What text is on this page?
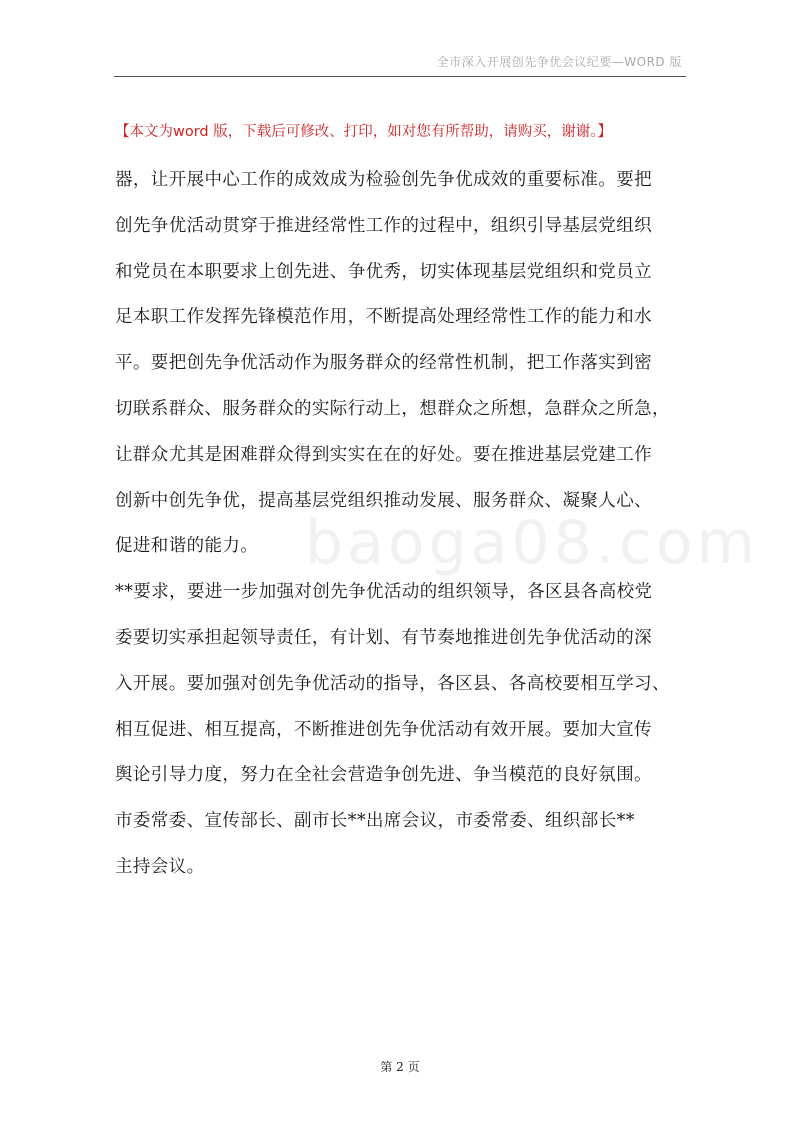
全市深入开展创先争优会议纪要—WORD 版
【本文为word 版，下载后可修改、打印，如对您有所帮助，请购买，谢谢。】
baoga08.com
器，让开展中心工作的成效成为检验创先争优成效的重要标准。要把
创先争优活动贯穿于推进经常性工作的过程中，组织引导基层党组织
和党员在本职要求上创先进、争优秀，切实体现基层党组织和党员立
足本职工作发挥先锋模范作用，不断提高处理经常性工作的能力和水
平。要把创先争优活动作为服务群众的经常性机制，把工作落实到密
切联系群众、服务群众的实际行动上，想群众之所想，急群众之所急，
让群众尤其是困难群众得到实实在在的好处。要在推进基层党建工作
创新中创先争优，提高基层党组织推动发展、服务群众、凝聚人心、
促进和谐的能力。
**要求，要进一步加强对创先争优活动的组织领导，各区县各高校党
委要切实承担起领导责任，有计划、有节奏地推进创先争优活动的深
入开展。要加强对创先争优活动的指导，各区县、各高校要相互学习、
相互促进、相互提高，不断推进创先争优活动有效开展。要加大宣传
舆论引导力度，努力在全社会营造争创先进、争当模范的良好氛围。
市委常委、宣传部长、副市长**出席会议，市委常委、组织部长**
主持会议。
第 2 页
